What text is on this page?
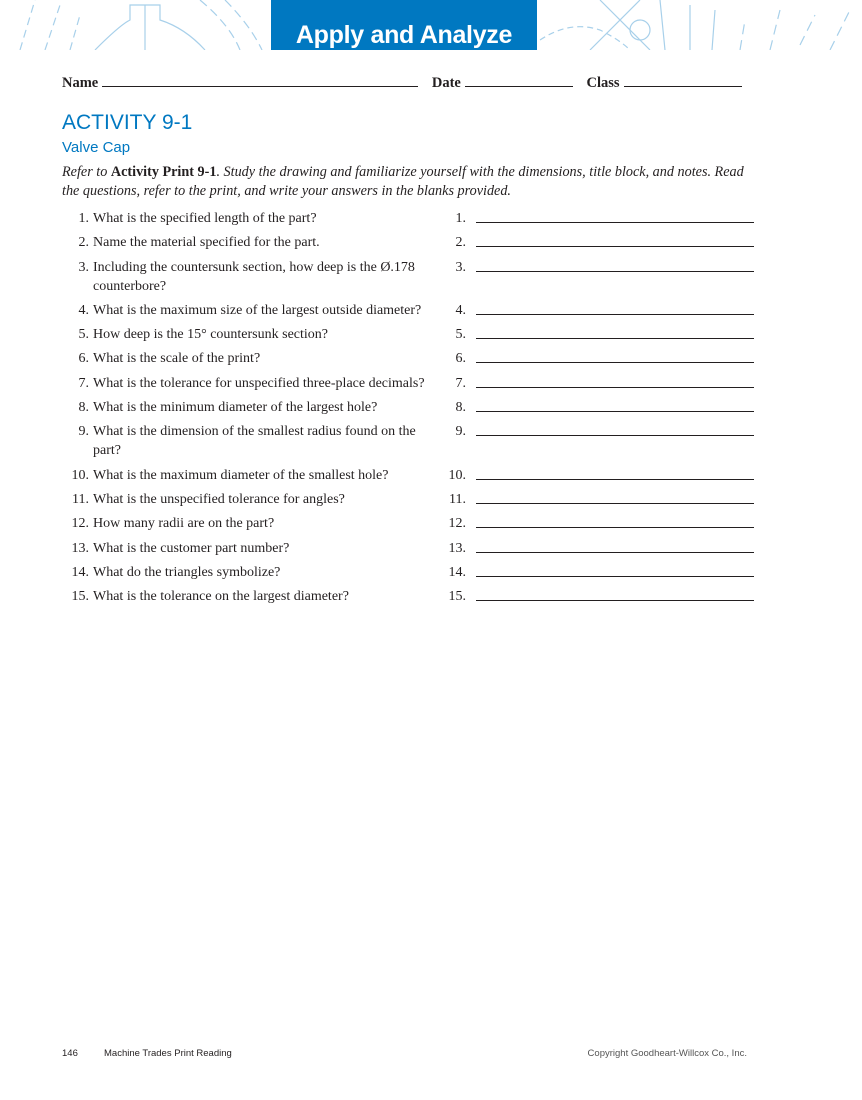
Apply and Analyze
Name	Date	Class
ACTIVITY 9-1
Valve Cap
Refer to Activity Print 9-1. Study the drawing and familiarize yourself with the dimensions, title block, and notes. Read the questions, refer to the print, and write your answers in the blanks provided.
1. What is the specified length of the part?	1.
2. Name the material specified for the part.	2.
3. Including the countersunk section, how deep is the Ø.178 counterbore?
3.
4. What is the maximum size of the largest outside diameter?	4.
5. How deep is the 15° countersunk section?	5.
6. What is the scale of the print?	6.
7. What is the tolerance for unspecified three-place decimals?	7.
8. What is the minimum diameter of the largest hole?	8.
9. What is the dimension of the smallest radius found on the part?
9.
10. What is the maximum diameter of the smallest hole?	10.
11. What is the unspecified tolerance for angles?	11.
12. How many radii are on the part?	12.
13. What is the customer part number?	13.
14. What do the triangles symbolize?	14.
15. What is the tolerance on the largest diameter?	15.
146	Machine Trades Print Reading	Copyright Goodheart-Willcox Co., Inc.
